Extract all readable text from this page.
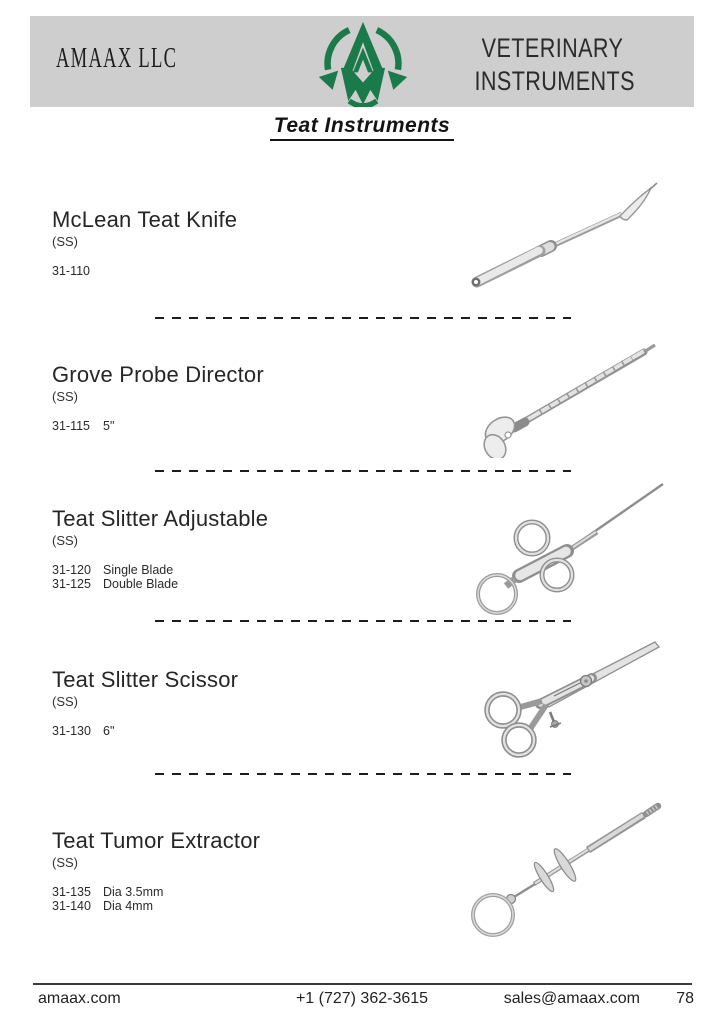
AMAAX LLC	VETERINARY
INSTRUMENTS
Teat Instruments
McLean Teat Knife
(SS)
31-110
Grove Probe Director
(SS)
31-115	5"
Teat Slitter Adjustable
(SS)
31-120 Single Blade
31-125 Double Blade
Teat Slitter Scissor
(SS)
31-130 6"
Teat Tumor Extractor
(SS)
31-135 Dia 3.5mm
31-140 Dia 4mm
amaax.com	+1 (727) 362-3615	sales@amaax.com 78
